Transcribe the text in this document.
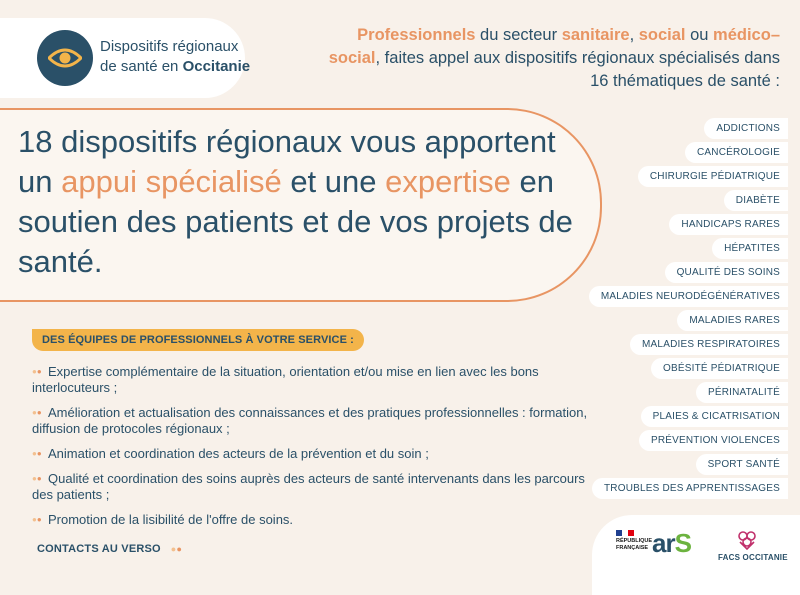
Dispositifs régionaux
de santé en Occitanie
Professionnels du secteur sanitaire, social ou médico–social, faites appel aux dispositifs régionaux spécialisés dans 16 thématiques de santé :
18 dispositifs régionaux vous apportent un appui spécialisé et une expertise en soutien des patients et de vos projets de santé.
DES ÉQUIPES DE PROFESSIONNELS À VOTRE SERVICE :
●● Expertise complémentaire de la situation, orientation et/ou mise en lien avec les bons interlocuteurs ;
●● Amélioration et actualisation des connaissances et des pratiques professionnelles : formation, diffusion de protocoles régionaux ;
●● Animation et coordination des acteurs de la prévention et du soin ;
●● Qualité et coordination des soins auprès des acteurs de santé intervenants dans les parcours des patients ;
●● Promotion de la lisibilité de l'offre de soins.
CONTACTS AU VERSO ●●
ADDICTIONS
CANCÉROLOGIE
CHIRURGIE PÉDIATRIQUE
DIABÈTE
HANDICAPS RARES
HÉPATITES
QUALITÉ DES SOINS
MALADIES NEURODÉGÉNÉRATIVES
MALADIES RARES
MALADIES RESPIRATOIRES
OBÉSITÉ PÉDIATRIQUE
PÉRINATALITÉ
PLAIES & CICATRISATION
PRÉVENTION VIOLENCES
SPORT SANTÉ
TROUBLES DES APPRENTISSAGES
RÉPUBLIQUE
FRANÇAISE arS	FACS OCCITANIE
